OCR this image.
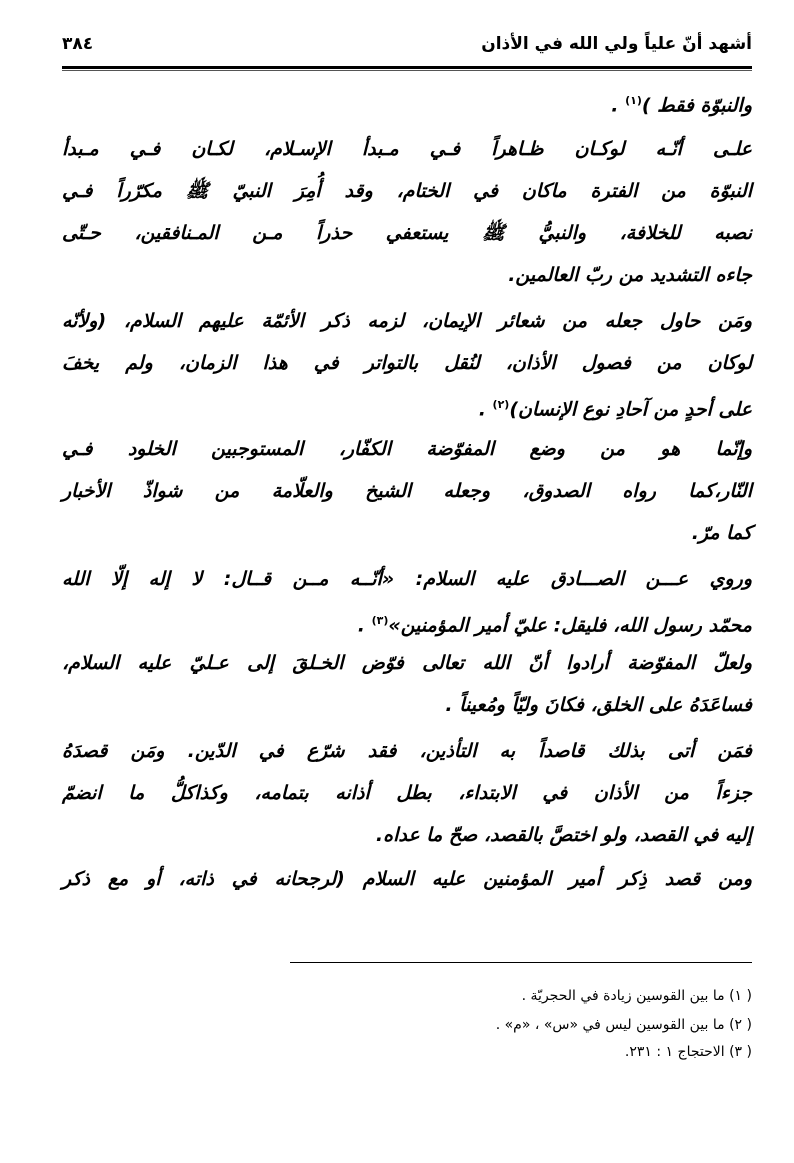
أشهد أنّ علياً ولي الله في الأذان
٣٨٤
والنبوّة فقط )$^{(١)}$ .
علـى أنّـه لوكـان ظـاهراً فـي مـبدأ الإسـلام، لكـان فـي مـبدأ
النبوّة من الفترة ماكان في الختام، وقد أُمِرَ النبيّ ﷺ مكرّراً فـي
نصبه للخلافة، والنبيُّ ﷺ يستعفي حذراً مـن المـنافقين، حـتّى
جاءه التشديد من ربّ العالمين.
ومَن حاول جعله من شعائر الإيمان، لزمه ذكر الأئمّة عليهم السلام، (ولأنّه
لوكان من فصول الأذان، لنُقل بالتواتر في هذا الزمان، ولم يخفَ
على أحدٍ من آحادِ نوع الإنسان)$^{(٢)}$ .
وإنّما هو من وضع المفوّضة الكفّار، المستوجبين الخلود فـي
النّار،كما رواه الصدوق، وجعله الشيخ والعلّامة من شواذّ الأخبار
كما مرّ.
وروي عـــن الصـــادق عليه السلام: «أنّــه مــن قــال: لا إله إلّا الله
محمّد رسول الله، فليقل: عليّ أمير المؤمنين»$^{(٣)}$ .
ولعلّ المفوّضة أرادوا أنّ الله تعالى فوّض الخـلقَ إلى عـليّ عليه السلام،
فساعَدَهُ على الخلق، فكانَ وليّاً ومُعيناً .
فمَن أتى بذلك قاصداً به التأذين، فقد شرّع في الدّين. ومَن قصدَهُ
جزءاً من الأذان في الابتداء، بطل أذانه بتمامه، وكذاكلُّ ما انضمّ
إليه في القصد، ولو اختصَّ بالقصد، صحّ ما عداه.
ومن قصد ذِكر أمير المؤمنين عليه السلام (لرجحانه في ذاته، أو مع ذكر
( ١) ما بين القوسين زيادة في الحجريّة .
( ٢) ما بين القوسين ليس في «س» ، «م» .
( ٣) الاحتجاج ١ : ٢٣١.
